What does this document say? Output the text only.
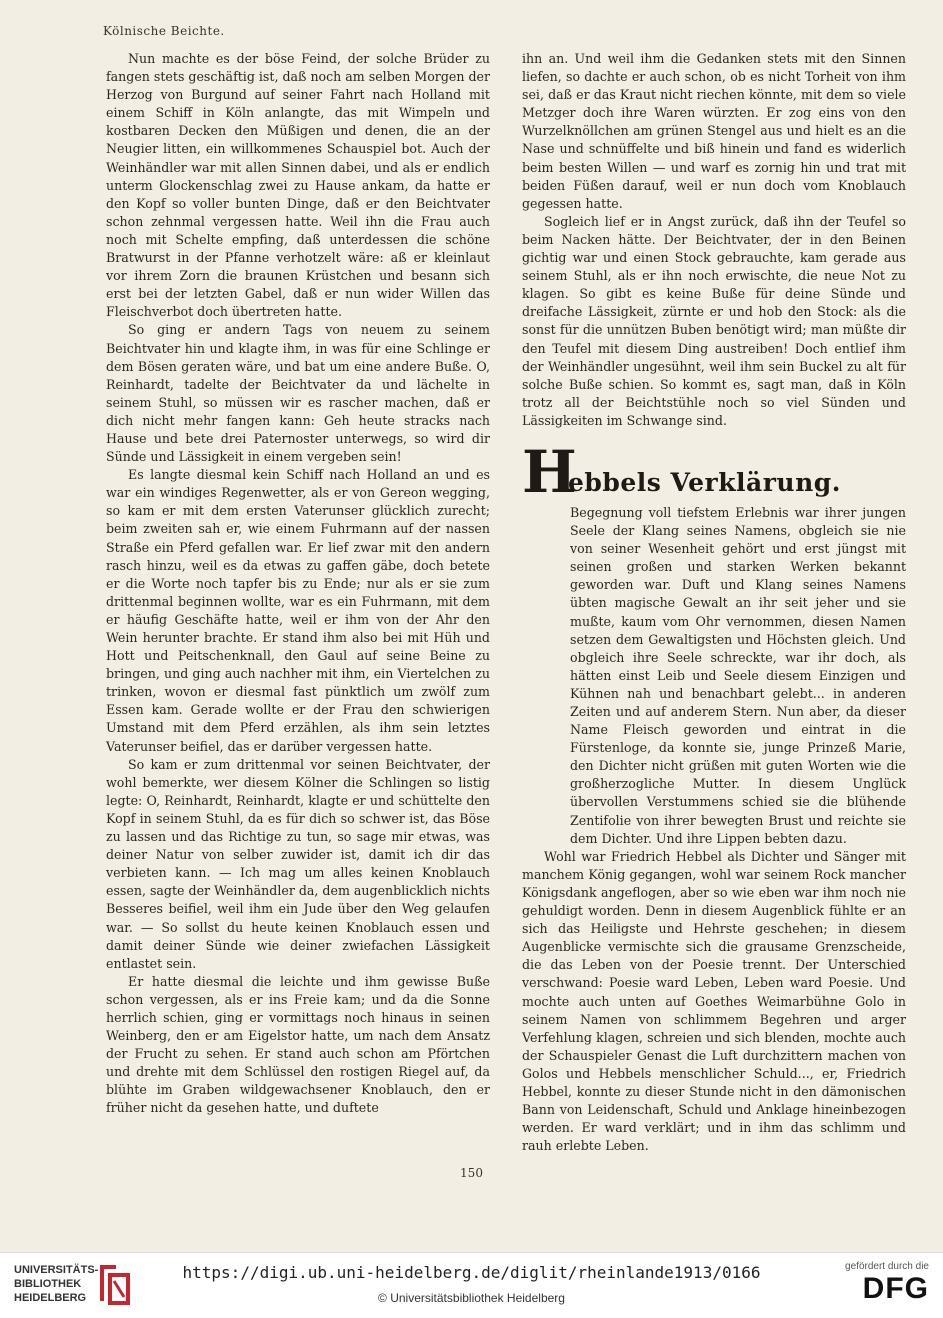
Kölnische Beichte.

Nun machte es der böse Feind, der solche Brüder zu fangen stets geschäftig ist, daß noch am selben Morgen der Herzog von Burgund auf seiner Fahrt nach Holland mit einem Schiff in Köln anlangte, das mit Wimpeln und kostbaren Decken den Müßigen und denen, die an der Neugier litten, ein willkommenes Schauspiel bot. Auch der Weinhändler war mit allen Sinnen dabei, und als er endlich unterm Glockenschlag zwei zu Hause ankam, da hatte er den Kopf so voller bunten Dinge, daß er den Beichtvater schon zehnmal vergessen hatte. Weil ihn die Frau auch noch mit Schelte empfing, daß unterdessen die schöne Bratwurst in der Pfanne verhotzelt wäre: aß er kleinlaut vor ihrem Zorn die braunen Krüstchen und besann sich erst bei der letzten Gabel, daß er nun wider Willen das Fleischverbot doch übertreten hatte.

So ging er andern Tags von neuem zu seinem Beichtvater hin und klagte ihm, in was für eine Schlinge er dem Bösen geraten wäre, und bat um eine andere Buße. O, Reinhardt, tadelte der Beichtvater da und lächelte in seinem Stuhl, so müssen wir es rascher machen, daß er dich nicht mehr fangen kann: Geh heute stracks nach Hause und bete drei Paternoster unterwegs, so wird dir Sünde und Lässigkeit in einem vergeben sein!

Es langte diesmal kein Schiff nach Holland an und es war ein windiges Regenwetter, als er von Gereon wegging, so kam er mit dem ersten Vaterunser glücklich zurecht; beim zweiten sah er, wie einem Fuhrmann auf der nassen Straße ein Pferd gefallen war. Er lief zwar mit den andern rasch hinzu, weil es da etwas zu gaffen gäbe, doch betete er die Worte noch tapfer bis zu Ende; nur als er sie zum drittenmal beginnen wollte, war es ein Fuhrmann, mit dem er häufig Geschäfte hatte, weil er ihm von der Ahr den Wein herunter brachte. Er stand ihm also bei mit Hüh und Hott und Peitschenknall, den Gaul auf seine Beine zu bringen, und ging auch nachher mit ihm, ein Viertelchen zu trinken, wovon er diesmal fast pünktlich um zwölf zum Essen kam. Gerade wollte er der Frau den schwierigen Umstand mit dem Pferd erzählen, als ihm sein letztes Vaterunser beifiel, das er darüber vergessen hatte.

So kam er zum drittenmal vor seinen Beichtvater, der wohl bemerkte, wer diesem Kölner die Schlingen so listig legte: O, Reinhardt, Reinhardt, klagte er und schüttelte den Kopf in seinem Stuhl, da es für dich so schwer ist, das Böse zu lassen und das Richtige zu tun, so sage mir etwas, was deiner Natur von selber zuwider ist, damit ich dir das verbieten kann. — Ich mag um alles keinen Knoblauch essen, sagte der Weinhändler da, dem augenblicklich nichts Besseres beifiel, weil ihm ein Jude über den Weg gelaufen war. — So sollst du heute keinen Knoblauch essen und damit deiner Sünde wie deiner zwiefachen Lässigkeit entlastet sein.

Er hatte diesmal die leichte und ihm gewisse Buße schon vergessen, als er ins Freie kam; und da die Sonne herrlich schien, ging er vormittags noch hinaus in seinen Weinberg, den er am Eigelstor hatte, um nach dem Ansatz der Frucht zu sehen. Er stand auch schon am Pförtchen und drehte mit dem Schlüssel den rostigen Riegel auf, da blühte im Graben wildgewachsener Knoblauch, den er früher nicht da gesehen hatte, und duftete

ihn an. Und weil ihm die Gedanken stets mit den Sinnen liefen, so dachte er auch schon, ob es nicht Torheit von ihm sei, daß er das Kraut nicht riechen könnte, mit dem so viele Metzger doch ihre Waren würzten. Er zog eins von den Wurzelknöllchen am grünen Stengel aus und hielt es an die Nase und schnüffelte und biß hinein und fand es widerlich beim besten Willen — und warf es zornig hin und trat mit beiden Füßen darauf, weil er nun doch vom Knoblauch gegessen hatte.

Sogleich lief er in Angst zurück, daß ihn der Teufel so beim Nacken hätte. Der Beichtvater, der in den Beinen gichtig war und einen Stock gebrauchte, kam gerade aus seinem Stuhl, als er ihn noch erwischte, die neue Not zu klagen. So gibt es keine Buße für deine Sünde und dreifache Lässigkeit, zürnte er und hob den Stock: als die sonst für die unnützen Buben benötigt wird; man müßte dir den Teufel mit diesem Ding austreiben! Doch entlief ihm der Weinhändler ungesühnt, weil ihm sein Buckel zu alt für solche Buße schien. So kommt es, sagt man, daß in Köln trotz all der Beichtstühle noch so viel Sünden und Lässigkeiten im Schwange sind.

H
ebbels Verklärung.

Begegnung voll tiefstem Erlebnis war ihrer jungen Seele der Klang seines Namens, obgleich sie nie von seiner Wesenheit gehört und erst jüngst mit seinen großen und starken Werken bekannt geworden war. Duft und Klang seines Namens übten magische Gewalt an ihr seit jeher und sie mußte, kaum vom Ohr vernommen, diesen Namen setzen dem Gewaltigsten und Höchsten gleich. Und obgleich ihre Seele schreckte, war ihr doch, als hätten einst Leib und Seele diesem Einzigen und Kühnen nah und benachbart gelebt... in anderen Zeiten und auf anderem Stern. Nun aber, da dieser Name Fleisch geworden und eintrat in die Fürstenloge, da konnte sie, junge Prinzeß Marie, den Dichter nicht grüßen mit guten Worten wie die großherzogliche Mutter. In diesem Unglück übervollen Verstummens schied sie die blühende Zentifolie von ihrer bewegten Brust und reichte sie dem Dichter. Und ihre Lippen bebten dazu.

Wohl war Friedrich Hebbel als Dichter und Sänger mit manchem König gegangen, wohl war seinem Rock mancher Königsdank angeflogen, aber so wie eben war ihm noch nie gehuldigt worden. Denn in diesem Augenblick fühlte er an sich das Heiligste und Hehrste geschehen; in diesem Augenblicke vermischte sich die grausame Grenzscheide, die das Leben von der Poesie trennt. Der Unterschied verschwand: Poesie ward Leben, Leben ward Poesie. Und mochte auch unten auf Goethes Weimarbühne Golo in seinem Namen von schlimmem Begehren und arger Verfehlung klagen, schreien und sich blenden, mochte auch der Schauspieler Genast die Luft durchzittern machen von Golos und Hebbels menschlicher Schuld..., er, Friedrich Hebbel, konnte zu dieser Stunde nicht in den dämonischen Bann von Leidenschaft, Schuld und Anklage hineinbezogen werden. Er ward verklärt; und in ihm das schlimm und rauh erlebte Leben.

150
UNIVERSITÄTS-
BIBLIOTHEK
HEIDELBERG
https://digi.ub.uni-heidelberg.de/diglit/rheinlande1913/0166
© Universitätsbibliothek Heidelberg
gefördert durch die
DFG
